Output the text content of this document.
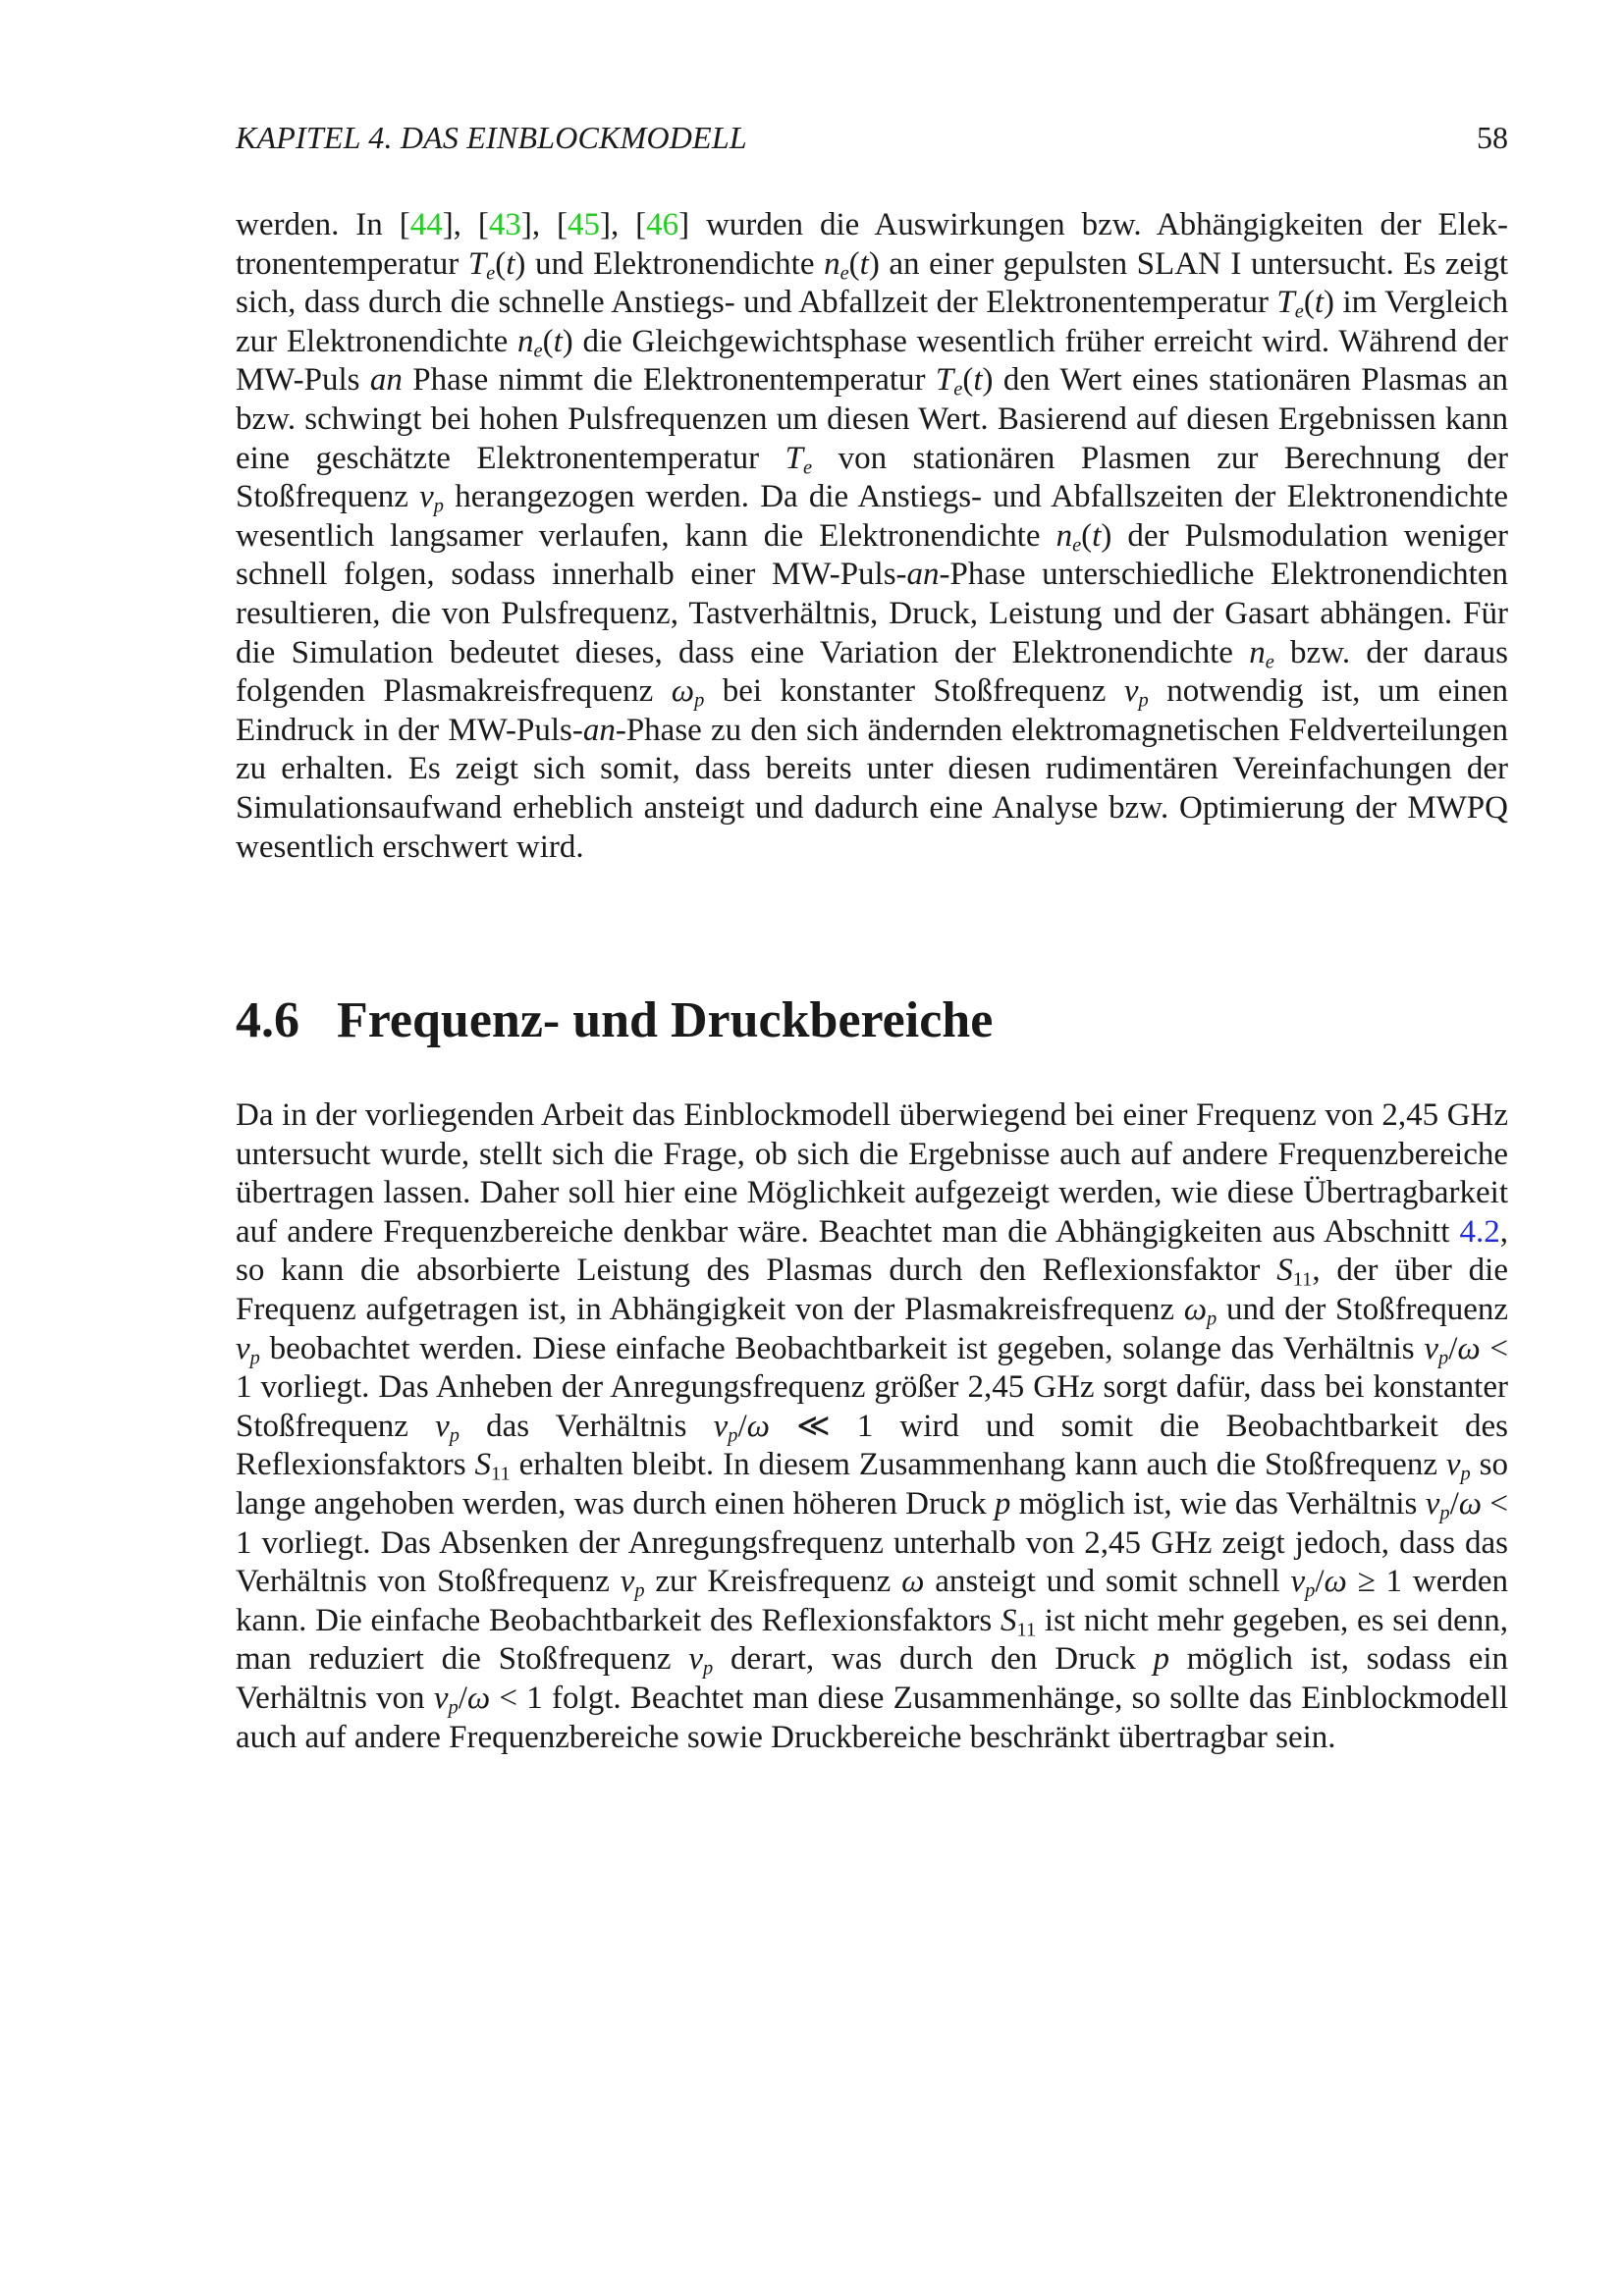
KAPITEL 4. DAS EINBLOCKMODELL	58

werden. In [44], [43], [45], [46] wurden die Auswirkungen bzw. Abhängigkeiten der Elektronentemperatur $T_e(t)$ und Elektronendichte $n_e(t)$ an einer gepulsten SLAN I untersucht. Es zeigt sich, dass durch die schnelle Anstiegs- und Abfallzeit der Elektronentemperatur $T_e(t)$ im Vergleich zur Elektronendichte $n_e(t)$ die Gleichgewichtsphase wesentlich früher erreicht wird. Während der MW-Puls an Phase nimmt die Elektronentemperatur $T_e(t)$ den Wert eines stationären Plasmas an bzw. schwingt bei hohen Pulsfrequenzen um diesen Wert. Basierend auf diesen Ergebnissen kann eine geschätzte Elektronentemperatur $T_e$ von stationären Plasmen zur Berechnung der Stoßfrequenz $\nu_p$ herangezogen werden. Da die Anstiegs- und Abfallszeiten der Elektronendichte wesentlich langsamer verlaufen, kann die Elektronendichte $n_e(t)$ der Pulsmodulation weniger schnell folgen, sodass innerhalb einer MW-Puls-an-Phase unterschiedliche Elektronendichten resultieren, die von Pulsfrequenz, Tastverhältnis, Druck, Leistung und der Gasart abhängen. Für die Simulation bedeutet dieses, dass eine Variation der Elektronendichte $n_e$ bzw. der daraus folgenden Plasmakreisfrequenz $\omega_p$ bei konstanter Stoßfrequenz $\nu_p$ notwendig ist, um einen Eindruck in der MW-Puls-an-Phase zu den sich ändernden elektromagnetischen Feldverteilungen zu erhalten. Es zeigt sich somit, dass bereits unter diesen rudimentären Vereinfachungen der Simulationsaufwand erheblich ansteigt und dadurch eine Analyse bzw. Optimierung der MWPQ wesentlich erschwert wird.

4.6 Frequenz- und Druckbereiche

Da in der vorliegenden Arbeit das Einblockmodell überwiegend bei einer Frequenz von 2,45 GHz untersucht wurde, stellt sich die Frage, ob sich die Ergebnisse auch auf andere Frequenzbereiche übertragen lassen. Daher soll hier eine Möglichkeit aufgezeigt werden, wie diese Übertragbarkeit auf andere Frequenzbereiche denkbar wäre. Beachtet man die Abhängigkeiten aus Abschnitt 4.2, so kann die absorbierte Leistung des Plasmas durch den Reflexionsfaktor $S_{11}$, der über die Frequenz aufgetragen ist, in Abhängigkeit von der Plasmakreisfrequenz $\omega_p$ und der Stoßfrequenz $\nu_p$ beobachtet werden. Diese einfache Beobachtbarkeit ist gegeben, solange das Verhältnis $\nu_p/\omega < 1$ vorliegt. Das Anheben der Anregungsfrequenz größer 2,45 GHz sorgt dafür, dass bei konstanter Stoßfrequenz $\nu_p$ das Verhältnis $\nu_p/\omega$ ≪ 1 wird und somit die Beobachtbarkeit des Reflexionsfaktors $S_{11}$ erhalten bleibt. In diesem Zusammenhang kann auch die Stoßfrequenz $\nu_p$ so lange angehoben werden, was durch einen höheren Druck p möglich ist, wie das Verhältnis $\nu_p/\omega < 1$ vorliegt. Das Absenken der Anregungsfrequenz unterhalb von 2,45 GHz zeigt jedoch, dass das Verhältnis von Stoßfrequenz $\nu_p$ zur Kreisfrequenz ω ansteigt und somit schnell $\nu_p/\omega \ge 1$ werden kann. Die einfache Beobachtbarkeit des Reflexionsfaktors $S_{11}$ ist nicht mehr gegeben, es sei denn, man reduziert die Stoßfrequenz $\nu_p$ derart, was durch den Druck p möglich ist, sodass ein Verhältnis von $\nu_p/\omega < 1$ folgt. Beachtet man diese Zusammenhänge, so sollte das Einblockmodell auch auf andere Frequenzbereiche sowie Druckbereiche beschränkt übertragbar sein.
